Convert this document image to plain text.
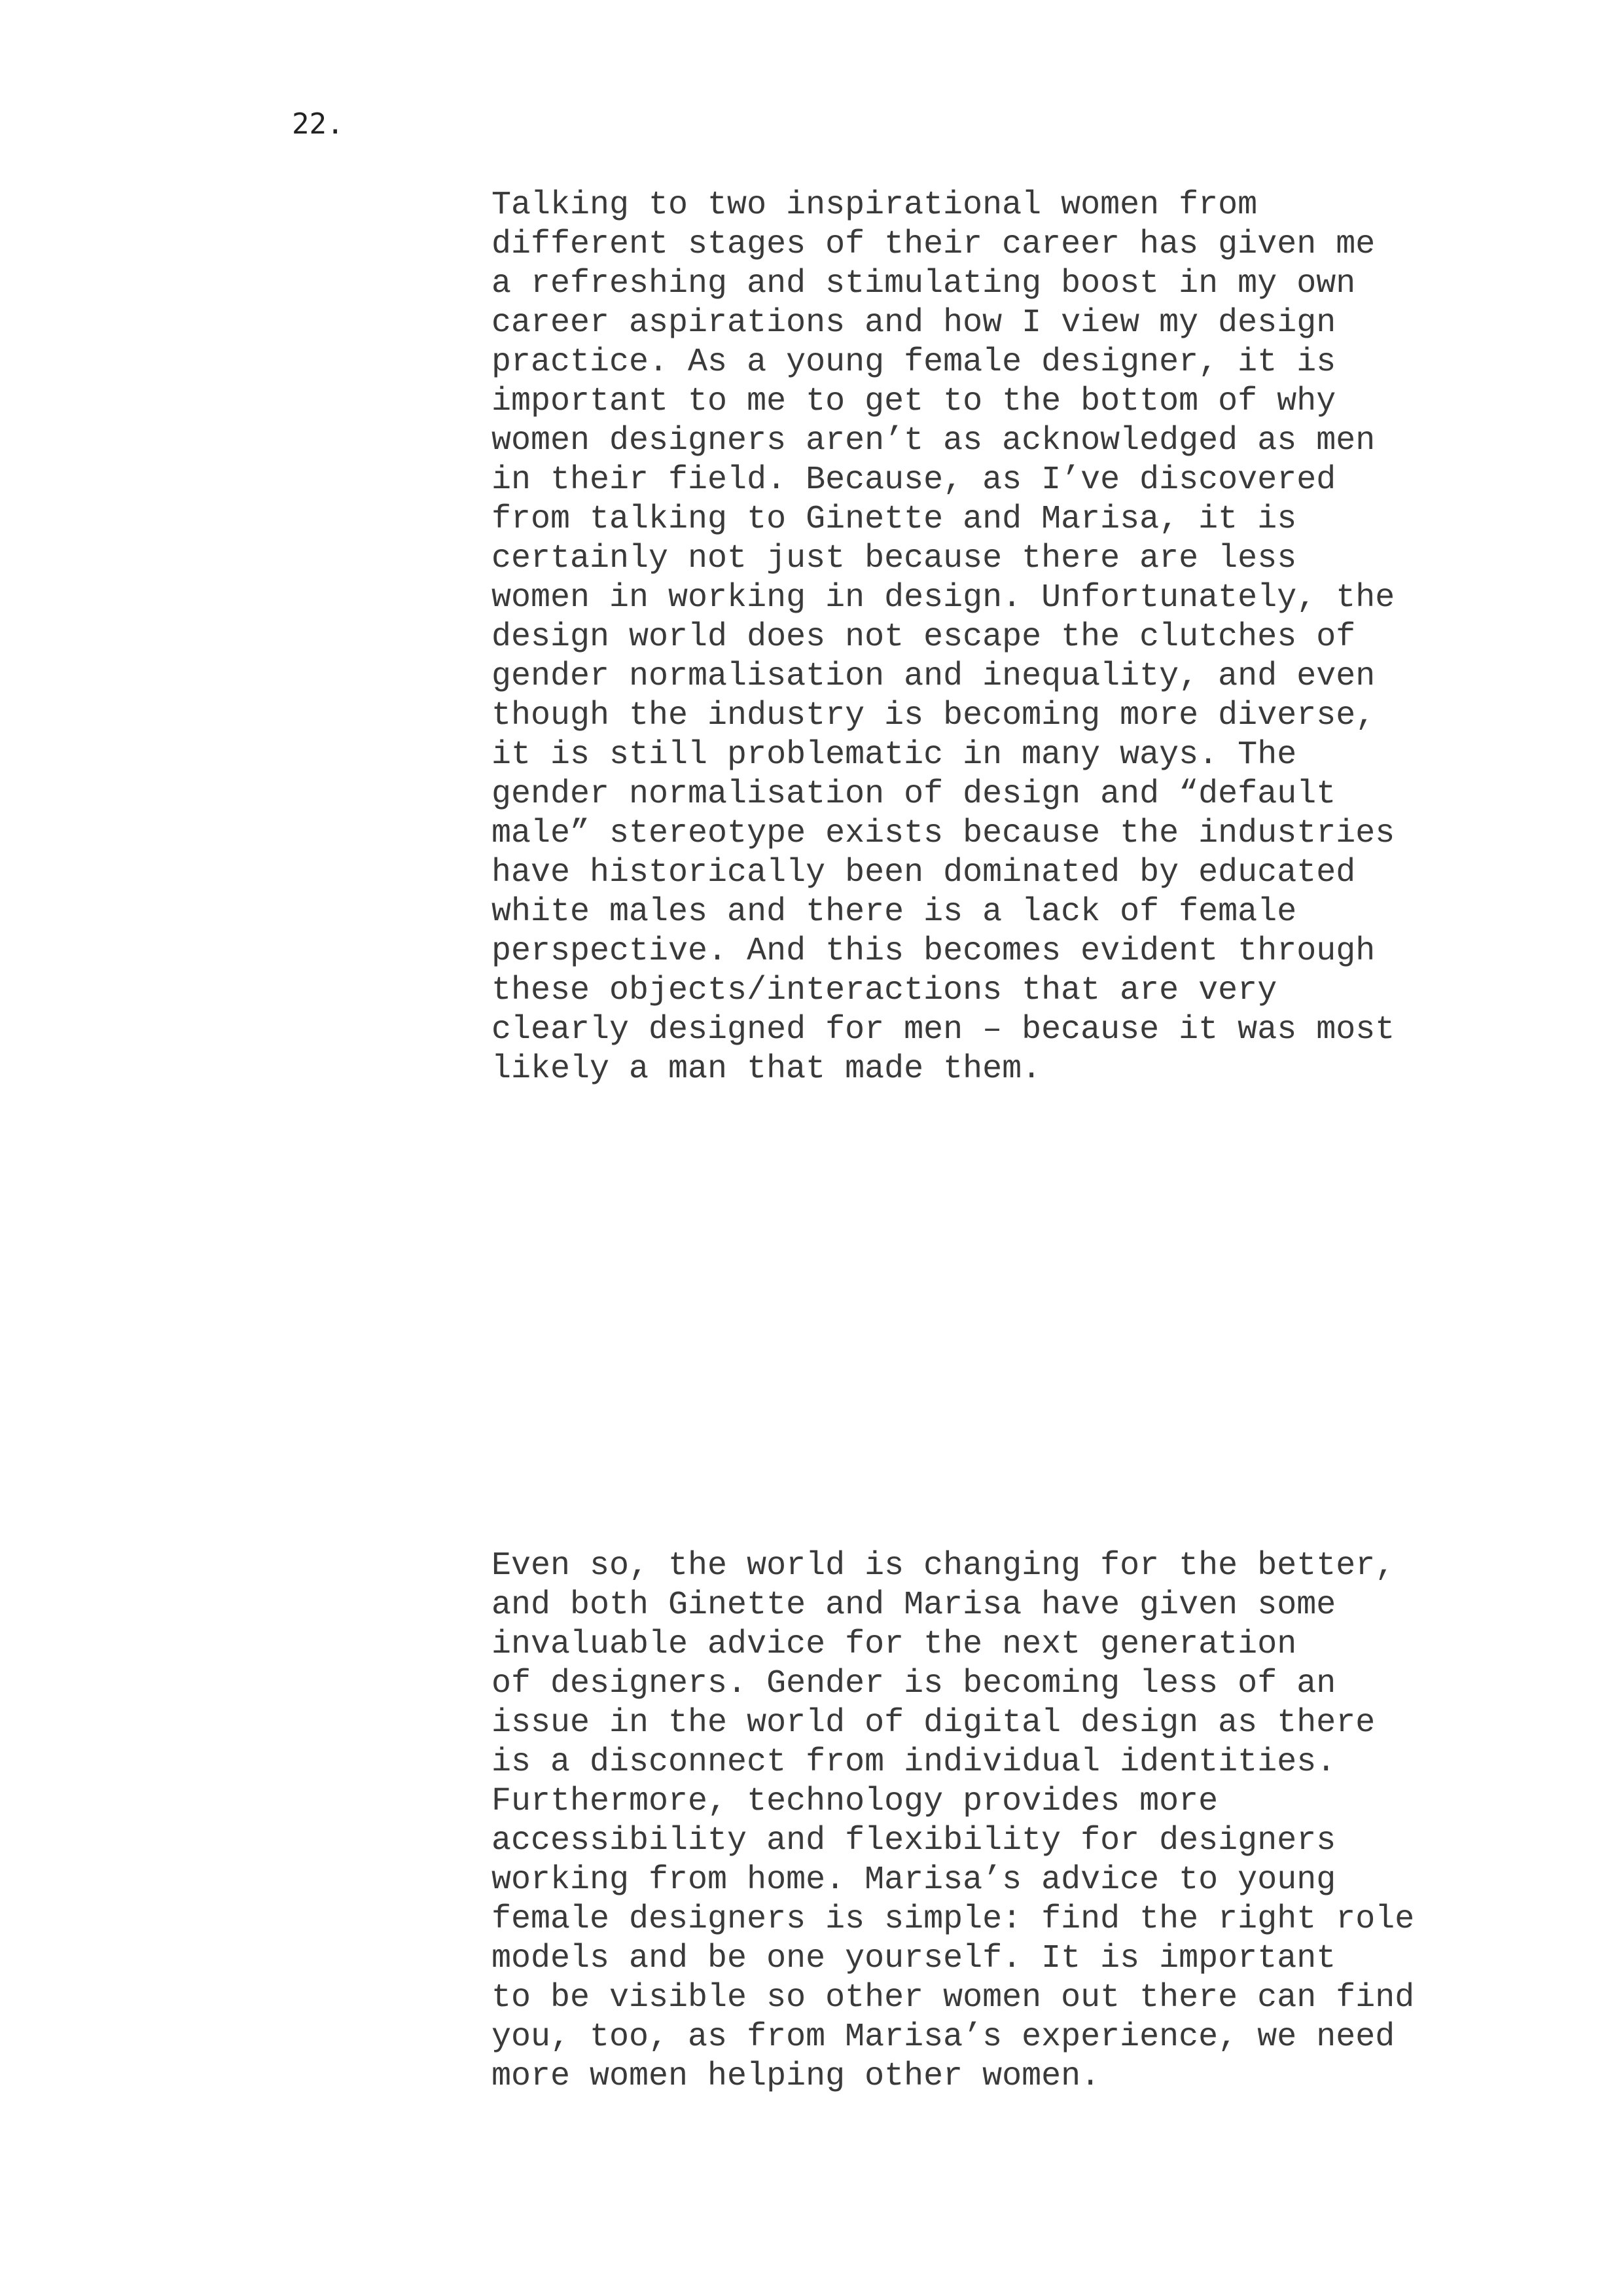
22.

Talking to two inspirational women from
different stages of their career has given me
a refreshing and stimulating boost in my own
career aspirations and how I view my design
practice. As a young female designer, it is
important to me to get to the bottom of why
women designers aren’t as acknowledged as men
in their field. Because, as I’ve discovered
from talking to Ginette and Marisa, it is
certainly not just because there are less
women in working in design. Unfortunately, the
design world does not escape the clutches of
gender normalisation and inequality, and even
though the industry is becoming more diverse,
it is still problematic in many ways. The
gender normalisation of design and “default
male” stereotype exists because the industries
have historically been dominated by educated
white males and there is a lack of female
perspective. And this becomes evident through
these objects/interactions that are very
clearly designed for men – because it was most
likely a man that made them.

Even so, the world is changing for the better,
and both Ginette and Marisa have given some
invaluable advice for the next generation
of designers. Gender is becoming less of an
issue in the world of digital design as there
is a disconnect from individual identities.
Furthermore, technology provides more
accessibility and flexibility for designers
working from home. Marisa’s advice to young
female designers is simple: find the right role
models and be one yourself. It is important
to be visible so other women out there can find
you, too, as from Marisa’s experience, we need
more women helping other women.
